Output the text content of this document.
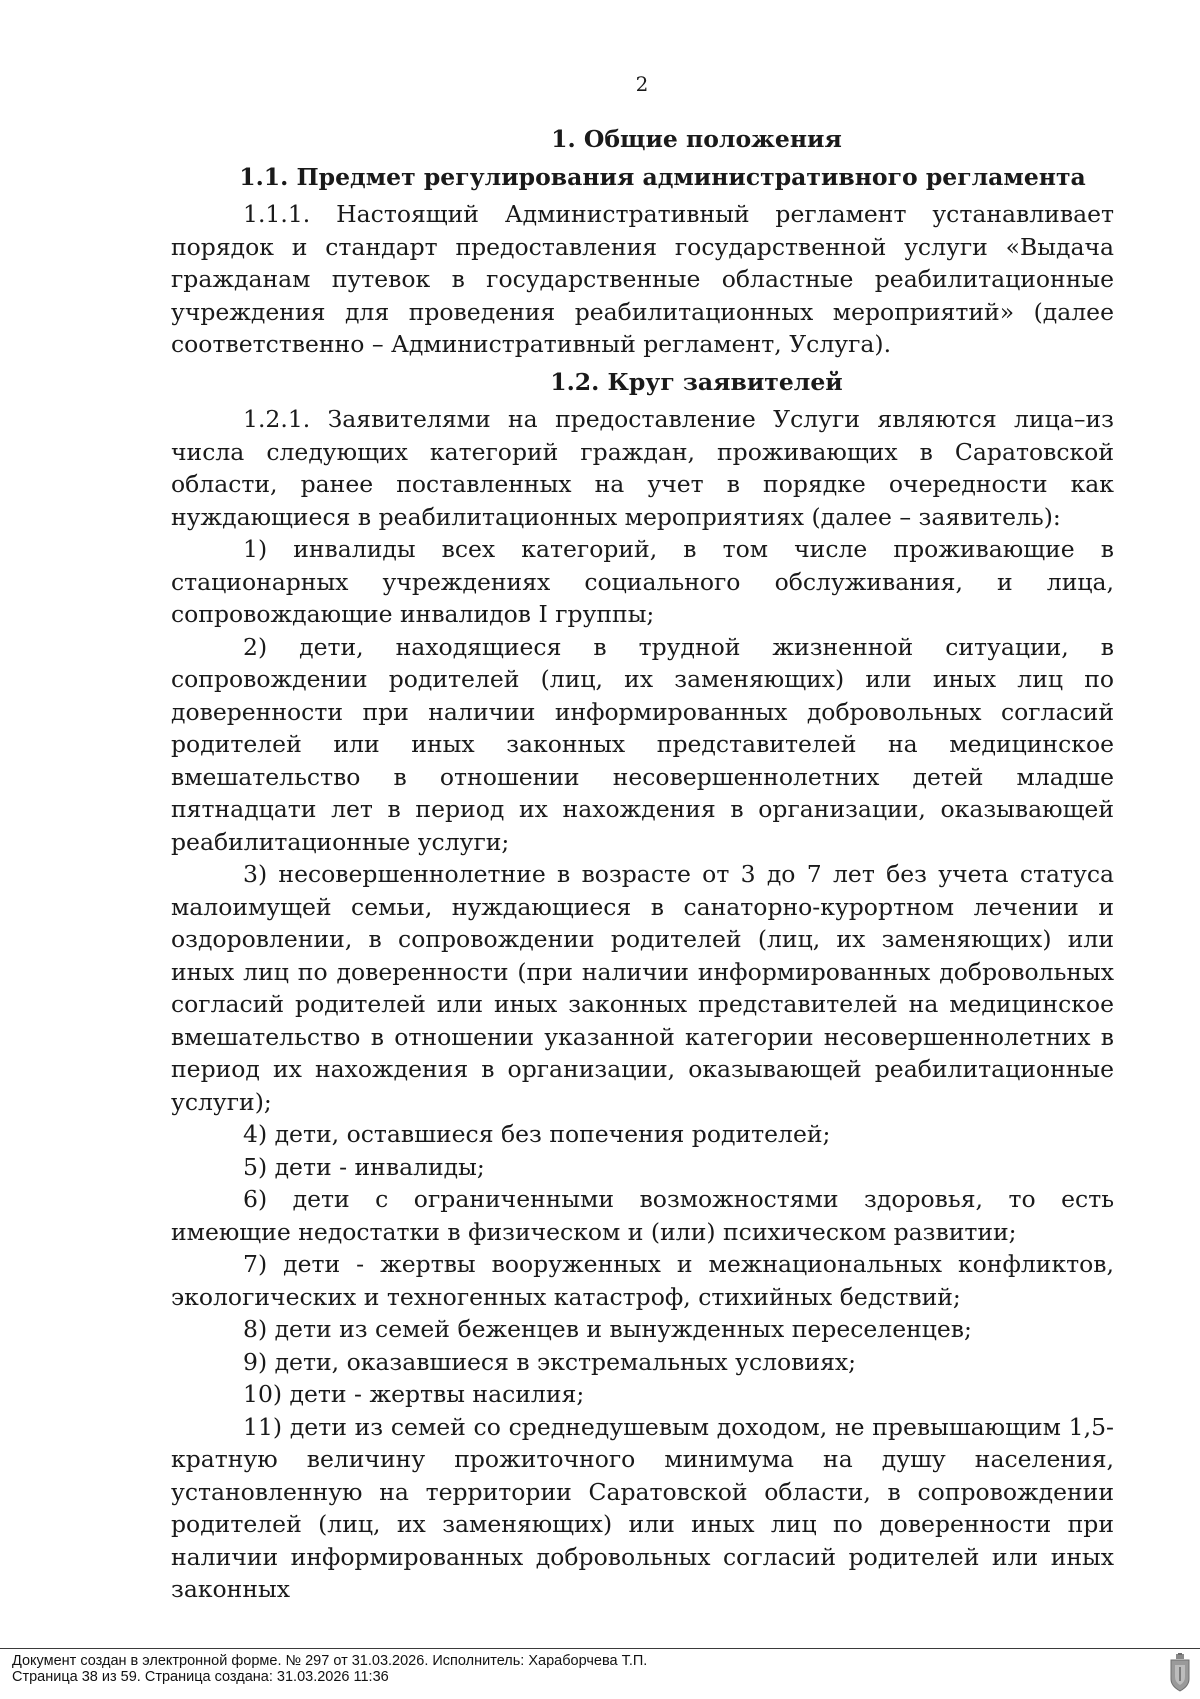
2
1. Общие положения
1.1. Предмет регулирования административного регламента

1.1.1. Настоящий Административный регламент устанавливает порядок и стандарт предоставления государственной услуги «Выдача гражданам путевок в государственные областные реабилитационные учреждения для проведения реабилитационных мероприятий» (далее соответственно – Административный регламент, Услуга).

1.2. Круг заявителей

1.2.1. Заявителями на предоставление Услуги являются лица–из числа следующих категорий граждан, проживающих в Саратовской области, ранее поставленных на учет в порядке очередности как нуждающиеся в реабилитационных мероприятиях (далее – заявитель):

1) инвалиды всех категорий, в том числе проживающие в стационарных учреждениях социального обслуживания, и лица, сопровождающие инвалидов I группы;

2) дети, находящиеся в трудной жизненной ситуации, в сопровождении родителей (лиц, их заменяющих) или иных лиц по доверенности при наличии информированных добровольных согласий родителей или иных законных представителей на медицинское вмешательство в отношении несовершеннолетних детей младше пятнадцати лет в период их нахождения в организации, оказывающей реабилитационные услуги;

3) несовершеннолетние в возрасте от 3 до 7 лет без учета статуса малоимущей семьи, нуждающиеся в санаторно-курортном лечении и оздоровлении, в сопровождении родителей (лиц, их заменяющих) или иных лиц по доверенности (при наличии информированных добровольных согласий родителей или иных законных представителей на медицинское вмешательство в отношении указанной категории несовершеннолетних в период их нахождения в организации, оказывающей реабилитационные услуги);

4) дети, оставшиеся без попечения родителей;

5) дети - инвалиды;

6) дети с ограниченными возможностями здоровья, то есть имеющие недостатки в физическом и (или) психическом развитии;

7) дети - жертвы вооруженных и межнациональных конфликтов, экологических и техногенных катастроф, стихийных бедствий;

8) дети из семей беженцев и вынужденных переселенцев;

9) дети, оказавшиеся в экстремальных условиях;

10) дети - жертвы насилия;

11) дети из семей со среднедушевым доходом, не превышающим 1,5-кратную величину прожиточного минимума на душу населения, установленную на территории Саратовской области, в сопровождении родителей (лиц, их заменяющих) или иных лиц по доверенности при наличии информированных добровольных согласий родителей или иных законных

Документ создан в электронной форме. № 297 от 31.03.2026. Исполнитель: Хараборчева Т.П.
Страница 38 из 59. Страница создана: 31.03.2026 11:36
